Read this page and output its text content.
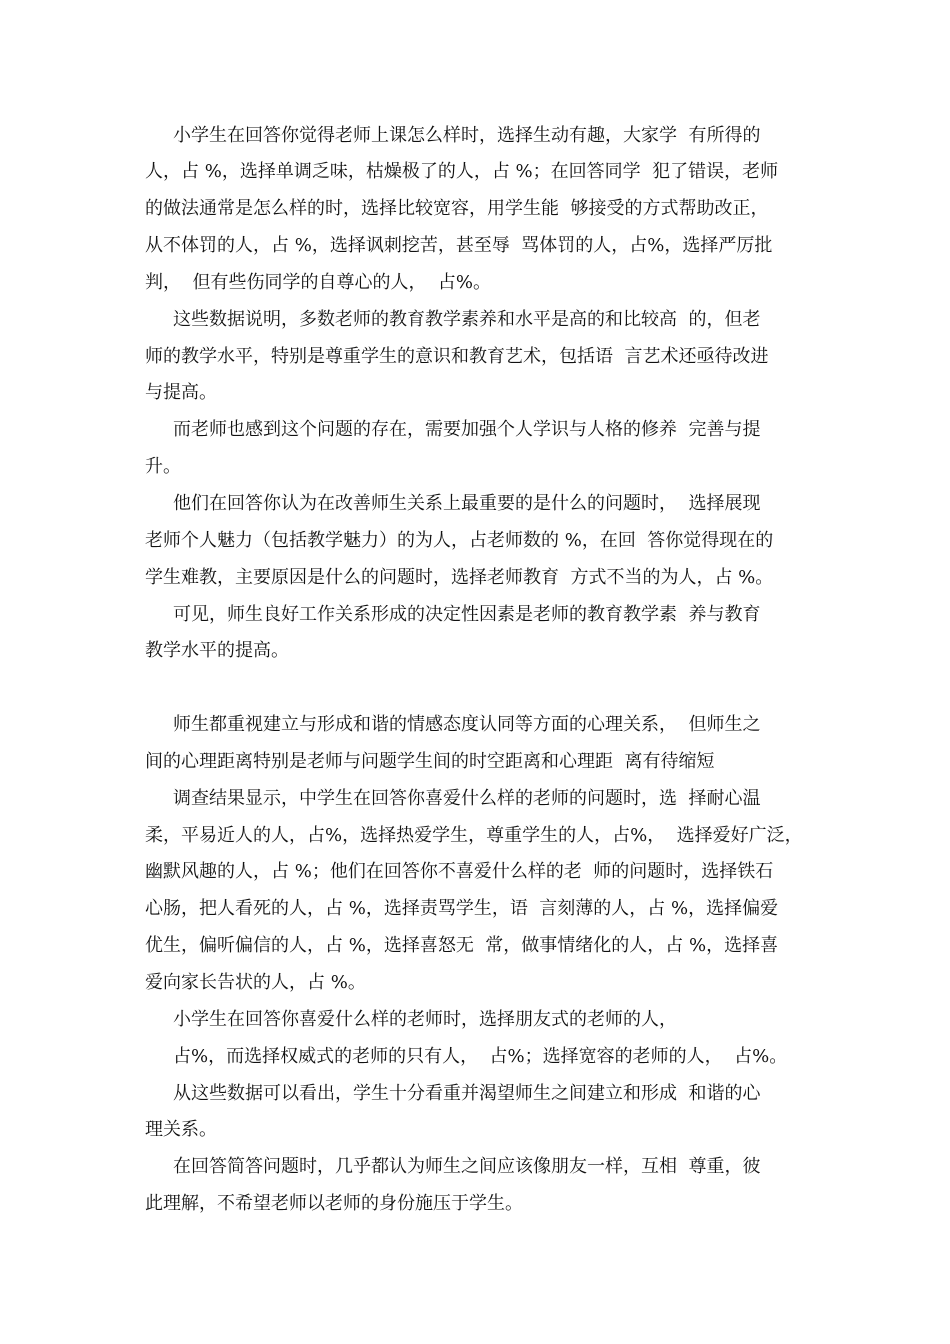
小学生在回答你觉得老师上课怎么样时，选择生动有趣，大家学  有所得的
人，占 %，选择单调乏味，枯燥极了的人，占 %；在回答同学  犯了错误，老师
的做法通常是怎么样的时，选择比较宽容，用学生能  够接受的方式帮助改正，
从不体罚的人，占 %，选择讽刺挖苦，甚至辱  骂体罚的人，占%，选择严厉批
判，  但有些伤同学的自尊心的人，  占%。
这些数据说明，多数老师的教育教学素养和水平是高的和比较高  的，但老
师的教学水平，特别是尊重学生的意识和教育艺术，包括语  言艺术还亟待改进
与提高。
而老师也感到这个问题的存在，需要加强个人学识与人格的修养  完善与提
升。
他们在回答你认为在改善师生关系上最重要的是什么的问题时，  选择展现
老师个人魅力（包括教学魅力）的为人，占老师数的 %，在回  答你觉得现在的
学生难教，主要原因是什么的问题时，选择老师教育  方式不当的为人，占 %。
可见，师生良好工作关系形成的决定性因素是老师的教育教学素  养与教育
教学水平的提高。
师生都重视建立与形成和谐的情感态度认同等方面的心理关系，  但师生之
间的心理距离特别是老师与问题学生间的时空距离和心理距  离有待缩短
调查结果显示，中学生在回答你喜爱什么样的老师的问题时，选  择耐心温
柔，平易近人的人，占%，选择热爱学生，尊重学生的人，占%，  选择爱好广泛，
幽默风趣的人，占 %；他们在回答你不喜爱什么样的老  师的问题时，选择铁石
心肠，把人看死的人，占 %，选择责骂学生，语  言刻薄的人，占 %，选择偏爱
优生，偏听偏信的人，占 %，选择喜怒无  常，做事情绪化的人，占 %，选择喜
爱向家长告状的人，占 %。
小学生在回答你喜爱什么样的老师时，选择朋友式的老师的人，
占%，而选择权威式的老师的只有人，  占%；选择宽容的老师的人，  占%。
从这些数据可以看出，学生十分看重并渴望师生之间建立和形成  和谐的心
理关系。
在回答简答问题时，几乎都认为师生之间应该像朋友一样，互相  尊重，彼
此理解，不希望老师以老师的身份施压于学生。
